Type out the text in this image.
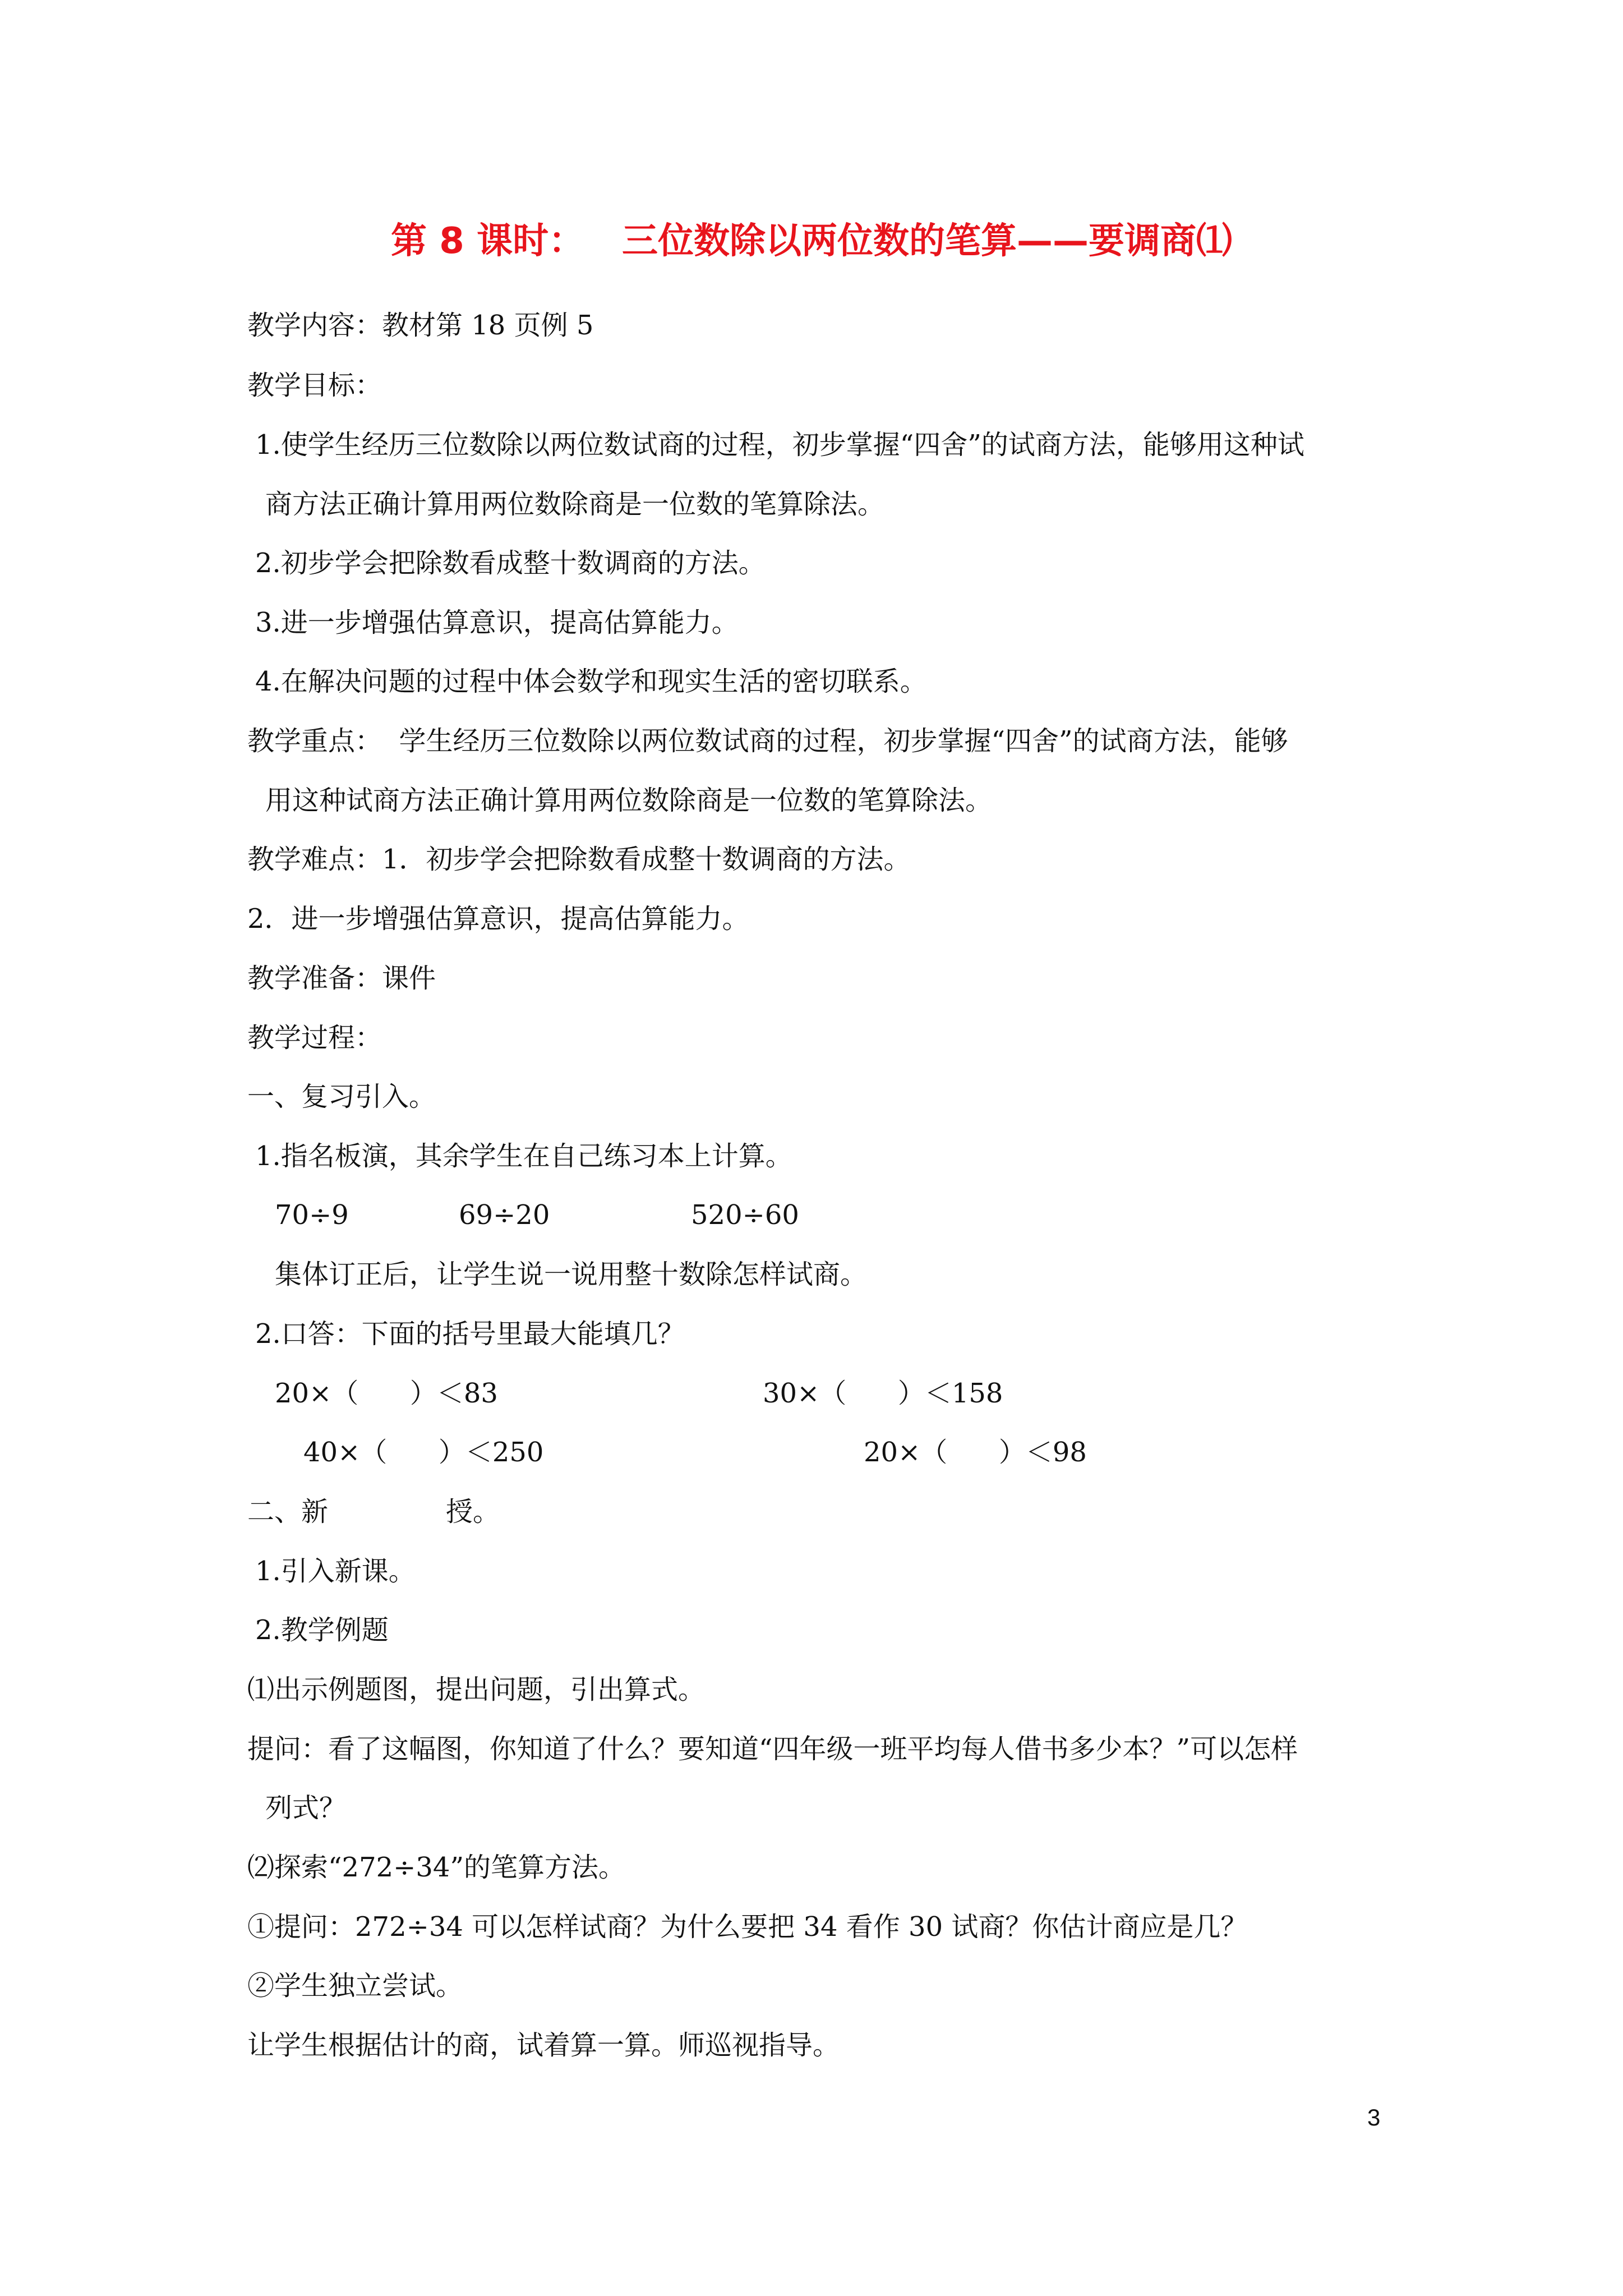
第 8 课时：   三位数除以两位数的笔算——要调商⑴
教学内容：教材第 18 页例 5
教学目标：
1.使学生经历三位数除以两位数试商的过程，初步掌握“四舍”的试商方法，能够用这种试
商方法正确计算用两位数除商是一位数的笔算除法。
2.初步学会把除数看成整十数调商的方法。
3.进一步增强估算意识，提高估算能力。
4.在解决问题的过程中体会数学和现实生活的密切联系。
教学重点：  学生经历三位数除以两位数试商的过程，初步掌握“四舍”的试商方法，能够
用这种试商方法正确计算用两位数除商是一位数的笔算除法。
教学难点：1．初步学会把除数看成整十数调商的方法。
2．进一步增强估算意识，提高估算能力。
教学准备：课件
教学过程：
一、复习引入。
1.指名板演，其余学生在自己练习本上计算。
70÷9	69÷20	520÷60
集体订正后，让学生说一说用整十数除怎样试商。
2.口答：下面的括号里最大能填几？
20×（      ）＜83	30×（      ）＜158
40×（      ）＜250	20×（      ）＜98
二、新	授。
1.引入新课。
2.教学例题
⑴出示例题图，提出问题，引出算式。
提问：看了这幅图，你知道了什么？要知道“四年级一班平均每人借书多少本？”可以怎样
列式？
⑵探索“272÷34”的笔算方法。
①提问：272÷34 可以怎样试商？为什么要把 34 看作 30 试商？你估计商应是几？
②学生独立尝试。
让学生根据估计的商，试着算一算。师巡视指导。
3
